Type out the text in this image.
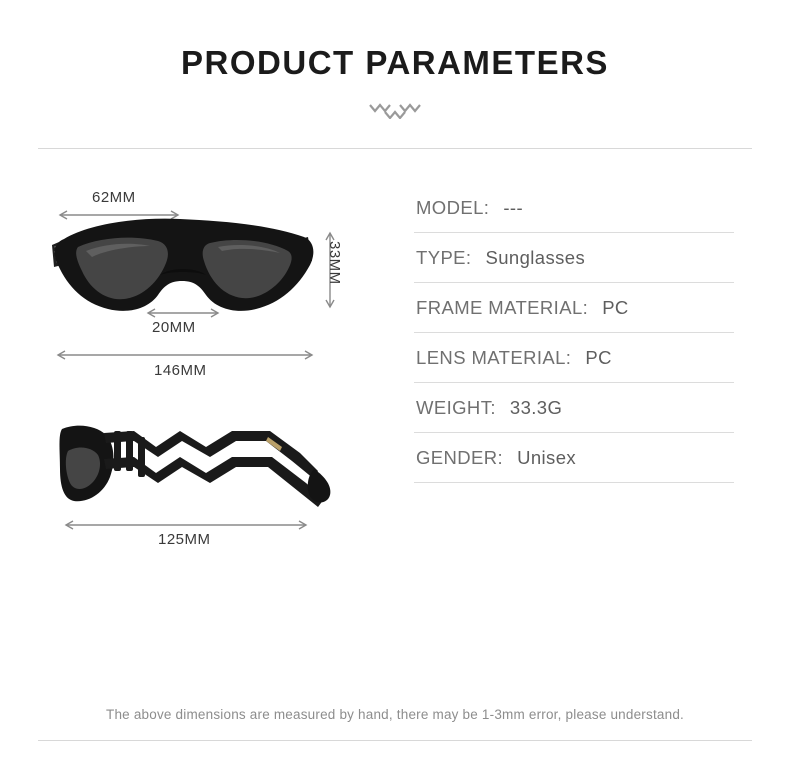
PRODUCT PARAMETERS
62MM
33MM
20MM
146MM
125MM
MODEL: ---
TYPE: Sunglasses
FRAME MATERIAL: PC
LENS MATERIAL: PC
WEIGHT: 33.3G
GENDER: Unisex
The above dimensions are measured by hand, there may be 1-3mm error, please understand.
